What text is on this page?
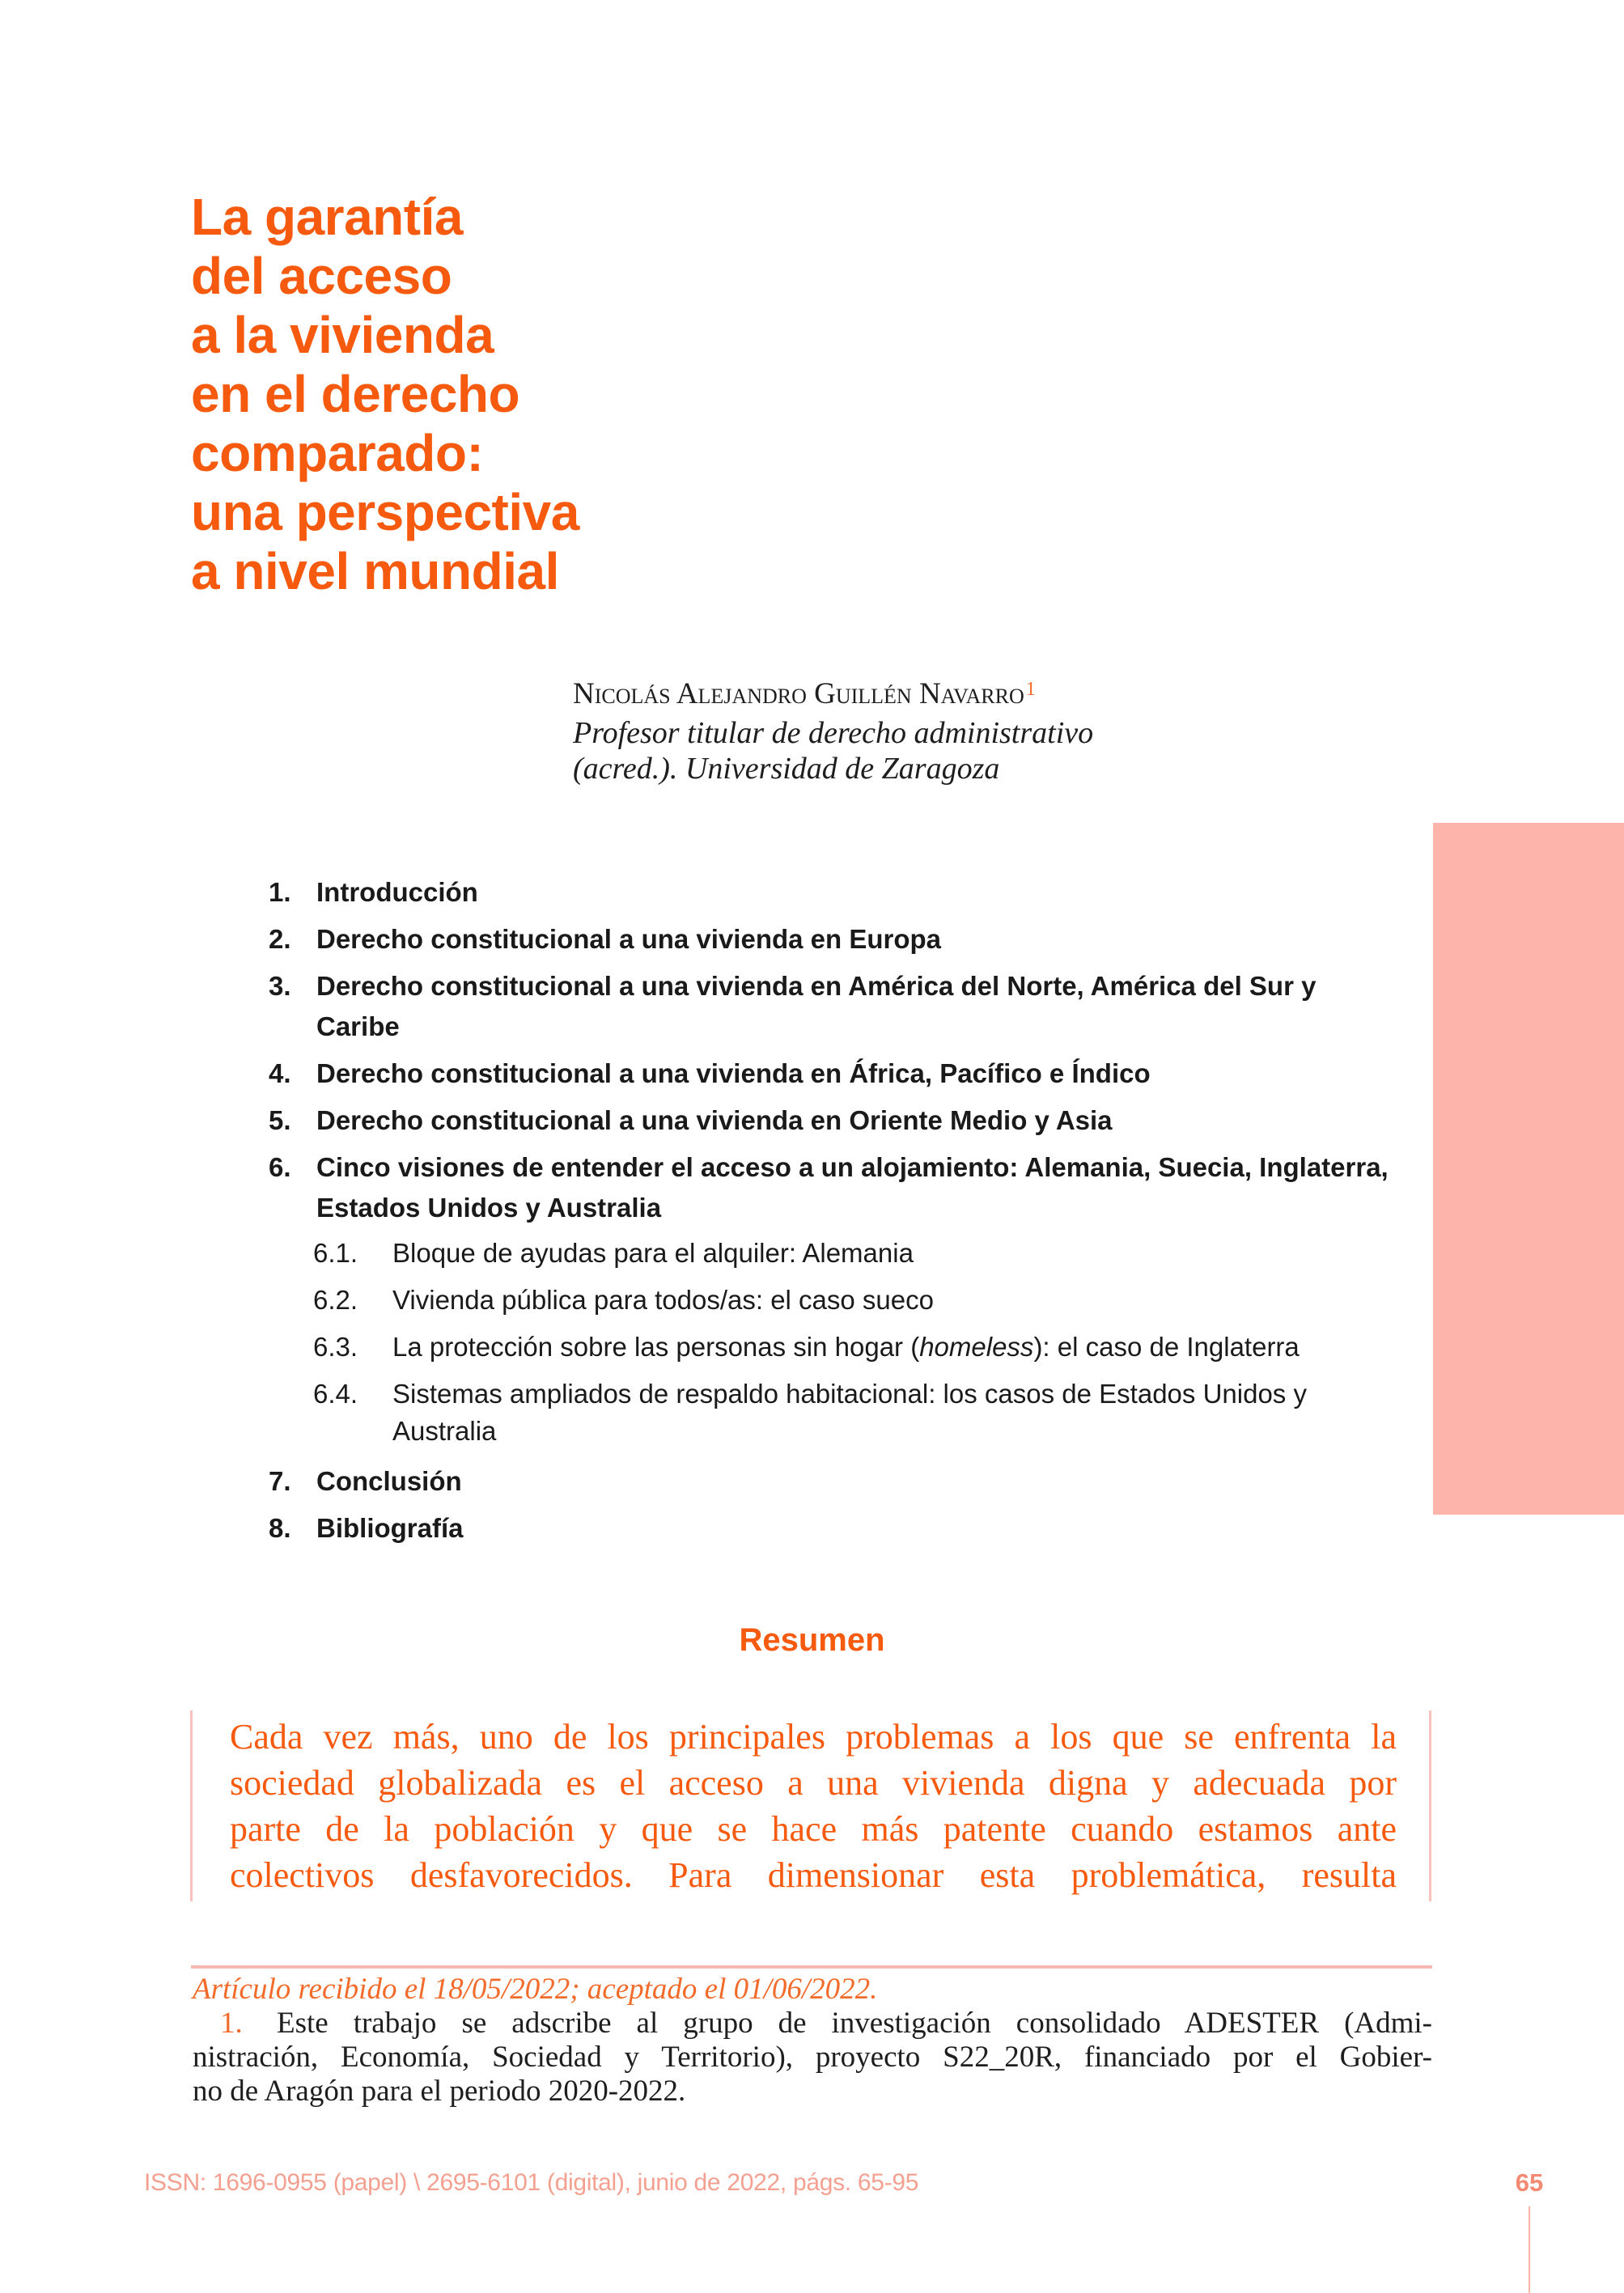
La garantía
del acceso
a la vivienda
en el derecho
comparado:
una perspectiva
a nivel mundial
Nicolás Alejandro Guillén Navarro$^1$
Profesor titular de derecho administrativo
(acred.). Universidad de Zaragoza
1. Introducción
2. Derecho constitucional a una vivienda en Europa
3. Derecho constitucional a una vivienda en América del Norte, América del Sur y Caribe
4. Derecho constitucional a una vivienda en África, Pacífico e Índico
5. Derecho constitucional a una vivienda en Oriente Medio y Asia
6. Cinco visiones de entender el acceso a un alojamiento: Alemania, Suecia, Inglaterra, Estados Unidos y Australia
6.1. Bloque de ayudas para el alquiler: Alemania
6.2. Vivienda pública para todos/as: el caso sueco
6.3. La protección sobre las personas sin hogar (homeless): el caso de Inglaterra
6.4. Sistemas ampliados de respaldo habitacional: los casos de Estados Unidos y Australia
7. Conclusión
8. Bibliografía
Resumen
Cada vez más, uno de los principales problemas a los que se enfrenta la
sociedad globalizada es el acceso a una vivienda digna y adecuada por
parte de la población y que se hace más patente cuando estamos ante
colectivos desfavorecidos. Para dimensionar esta problemática, resulta
Artículo recibido el 18/05/2022; aceptado el 01/06/2022.
1. Este trabajo se adscribe al grupo de investigación consolidado ADESTER (Admi-
nistración, Economía, Sociedad y Territorio), proyecto S22_20R, financiado por el Gobier-
no de Aragón para el periodo 2020-2022.
ISSN: 1696-0955 (papel) \ 2695-6101 (digital), junio de 2022, págs. 65-95	65
